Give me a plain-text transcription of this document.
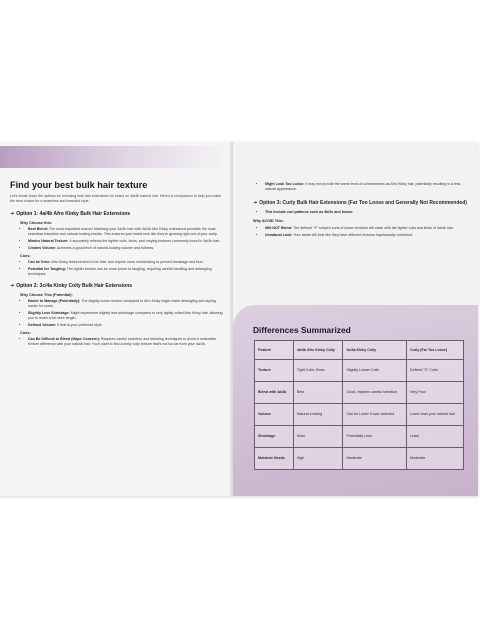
Find your best bulk hair texture

Let's break down the options for choosing bulk hair extensions for twists on 4a/4b natural hair. Here's a comparison to help you make the best choice for a seamless and beautiful style.

➜ Option 1: 4a/4b Afro Kinky Bulk Hair Extensions
Why Choose this:
• Best Blend: The most important reason! Matching your 4a/4b hair with 4a/4b Afro Kinky extensions provides the most seamless transition and natural-looking results. This ensures your twists look like they're growing right out of your scalp.
• Mimics Natural Texture: It accurately reflects the tighter coils, kinks, and varying textures commonly found in 4a/4b hair.
• Creates Volume: Achieves a good level of natural-looking volume and fullness.
Cons:
• Can be Drier: Afro Kinky textures tend to be drier and require more moisturizing to prevent breakage and frizz.
• Potential for Tangling: The tighter texture can be more prone to tangling, requiring careful handling and detangling techniques.
➜ Option 2: 3c/4a Kinky Coily Bulk Hair Extensions
Why Choose This (Potential):
• Easier to Manage (Potentially): The slightly looser texture compared to Afro Kinky might make detangling and styling easier for some.
• Slightly Less Shrinkage: Might experience slightly less shrinkage compared to very tightly coiled Afro Kinky hair, allowing you to retain a bit more length.
• Defined Volume: If that is your preferred style.
Cons:
• Can Be Difficult to Blend (Major Concern): Requires careful selection and blending techniques to avoid a noticeable texture difference with your natural hair. You'll want to find a kinky coily texture that's not too far from your 4a/4b.
• Might Look Too Loose: It may not provide the same level of cohesiveness as Afro Kinky hair, potentially resulting in a less natural appearance.
➜ Option 3: Curly Bulk Hair Extensions (Far Too Loose and Generally Not Recommended)
• This include curl patterns such as 3b/3c and looser.
Why AVOID This:
• Will NOT Blend: The defined "S" shaped curls of looser textures will clash with the tighter coils and kinks of 4a/4b hair.
• Unnatural Look: Your twists will look like they have different textures haphazardly combined.
Differences Summarized
Feature	4a/4b Afro Kinky Coily	3c/4a Kinky Coily	Curly (Far Too Loose)
Texture	Tight Coils, Kinks	Slightly Looser Coils	Defined "S" Curls
Blend with 4a/4b	Best	Good, requires careful selection	Very Poor
Volume	Natural-Looking	Can be Lower if over-selected	Lower than your natural hair
Shrinkage	More	Potentially Less	Least
Moisture Needs	High	Moderate	Moderate
